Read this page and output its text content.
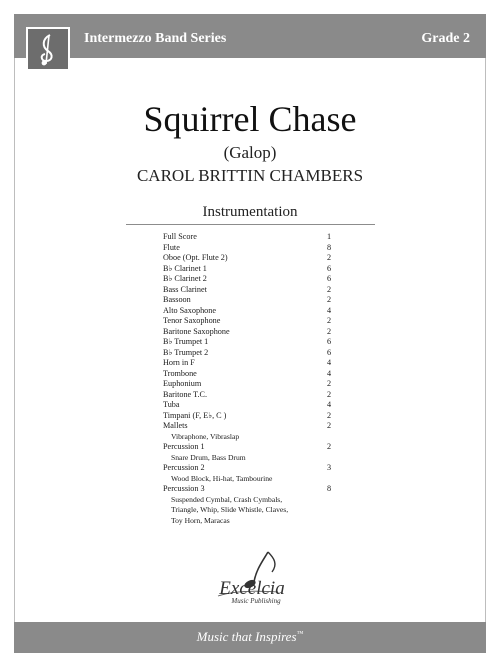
Intermezzo Band Series	Grade 2
Squirrel Chase
(Galop)
CAROL BRITTIN CHAMBERS
Instrumentation
Full Score	1
Flute	8
Oboe (Opt. Flute 2)	2
B♭ Clarinet 1	6
B♭ Clarinet 2	6
Bass Clarinet	2
Bassoon	2
Alto Saxophone	4
Tenor Saxophone	2
Baritone Saxophone	2
B♭ Trumpet 1	6
B♭ Trumpet 2	6
Horn in F	4
Trombone	4
Euphonium	2
Baritone T.C.	2
Tuba	4
Timpani (F, E♭, C )	2
Mallets	2
Vibraphone, Vibraslap
Percussion 1	2
Snare Drum, Bass Drum
Percussion 2	3
Wood Block, Hi-hat, Tambourine
Percussion 3	8
Suspended Cymbal, Crash Cymbals,
Triangle, Whip, Slide Whistle, Claves,
Toy Horn, Maracas
Excelcia
Music Publishing
Music that Inspires™
